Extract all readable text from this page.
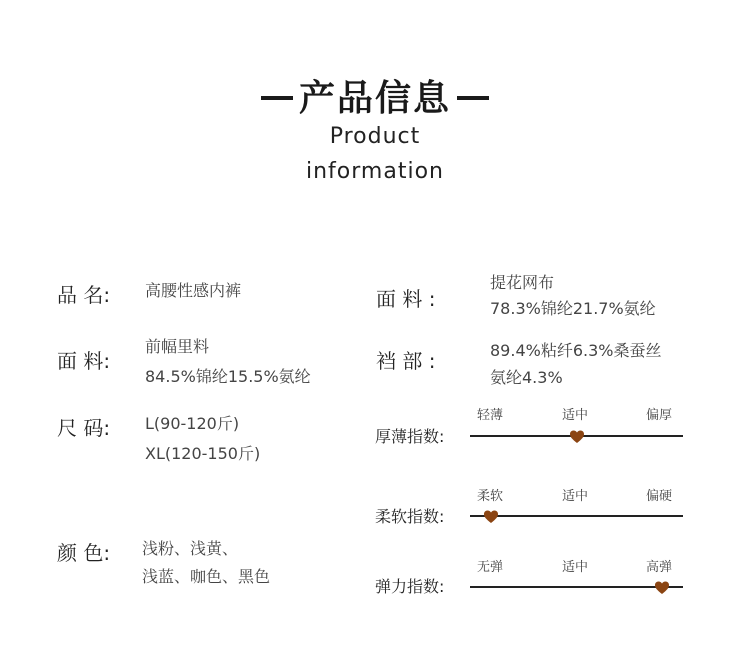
产品信息
Product
information
品 名: 高腰性感内裤
面 料:
前幅里料
84.5%锦纶15.5%氨纶
尺 码: L(90-120斤)
XL(120-150斤)
颜 色: 浅粉、浅黄、
浅蓝、咖色、黑色
面 料 :
提花网布
78.3%锦纶21.7%氨纶
裆 部 :	89.4%粘纤6.3%桑蚕丝
氨纶4.3%
厚薄指数:
轻薄	适中	偏厚
柔软指数:
柔软	适中	偏硬
弹力指数:
无弹	适中	高弹
